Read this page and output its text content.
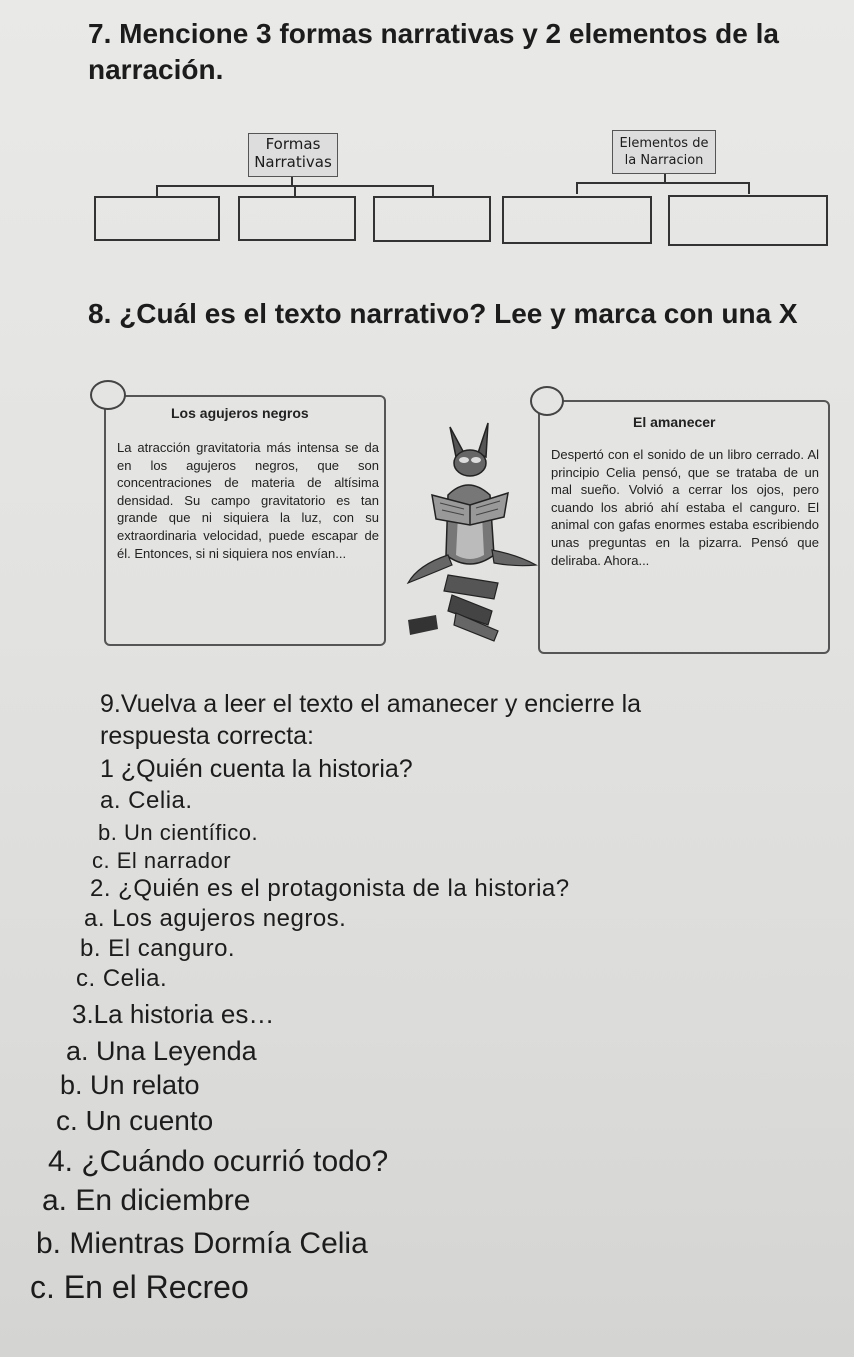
7. Mencione 3 formas narrativas y 2 elementos de la narración.

Formas
Narrativas
Elementos de
la Narracion

8. ¿Cuál es el texto narrativo? Lee y marca con una X

Los agujeros negros
La atracción gravitatoria más intensa se da en los agujeros negros, que son concentraciones de materia de altísima densidad. Su campo gravitatorio es tan grande que ni siquiera la luz, con su extraordinaria velocidad, puede escapar de él. Entonces, si ni siquiera nos envían...
El amanecer
Despertó con el sonido de un libro cerrado. Al principio Celia pensó, que se trataba de un mal sueño. Volvió a cerrar los ojos, pero cuando los abrió ahí estaba el canguro. El animal con gafas enormes estaba escribiendo unas preguntas en la pizarra. Pensó que deliraba. Ahora...
9.Vuelva a leer el texto el amanecer y encierre la
respuesta correcta:
1 ¿Quién cuenta la historia?
a. Celia.
b. Un científico.
c. El narrador
2. ¿Quién es el protagonista de la historia?
a. Los agujeros negros.
b. El canguro.
c. Celia.
3.La historia es…
a. Una Leyenda
b. Un relato
c. Un cuento
4. ¿Cuándo ocurrió todo?
a. En diciembre
b. Mientras Dormía Celia
c. En el Recreo
